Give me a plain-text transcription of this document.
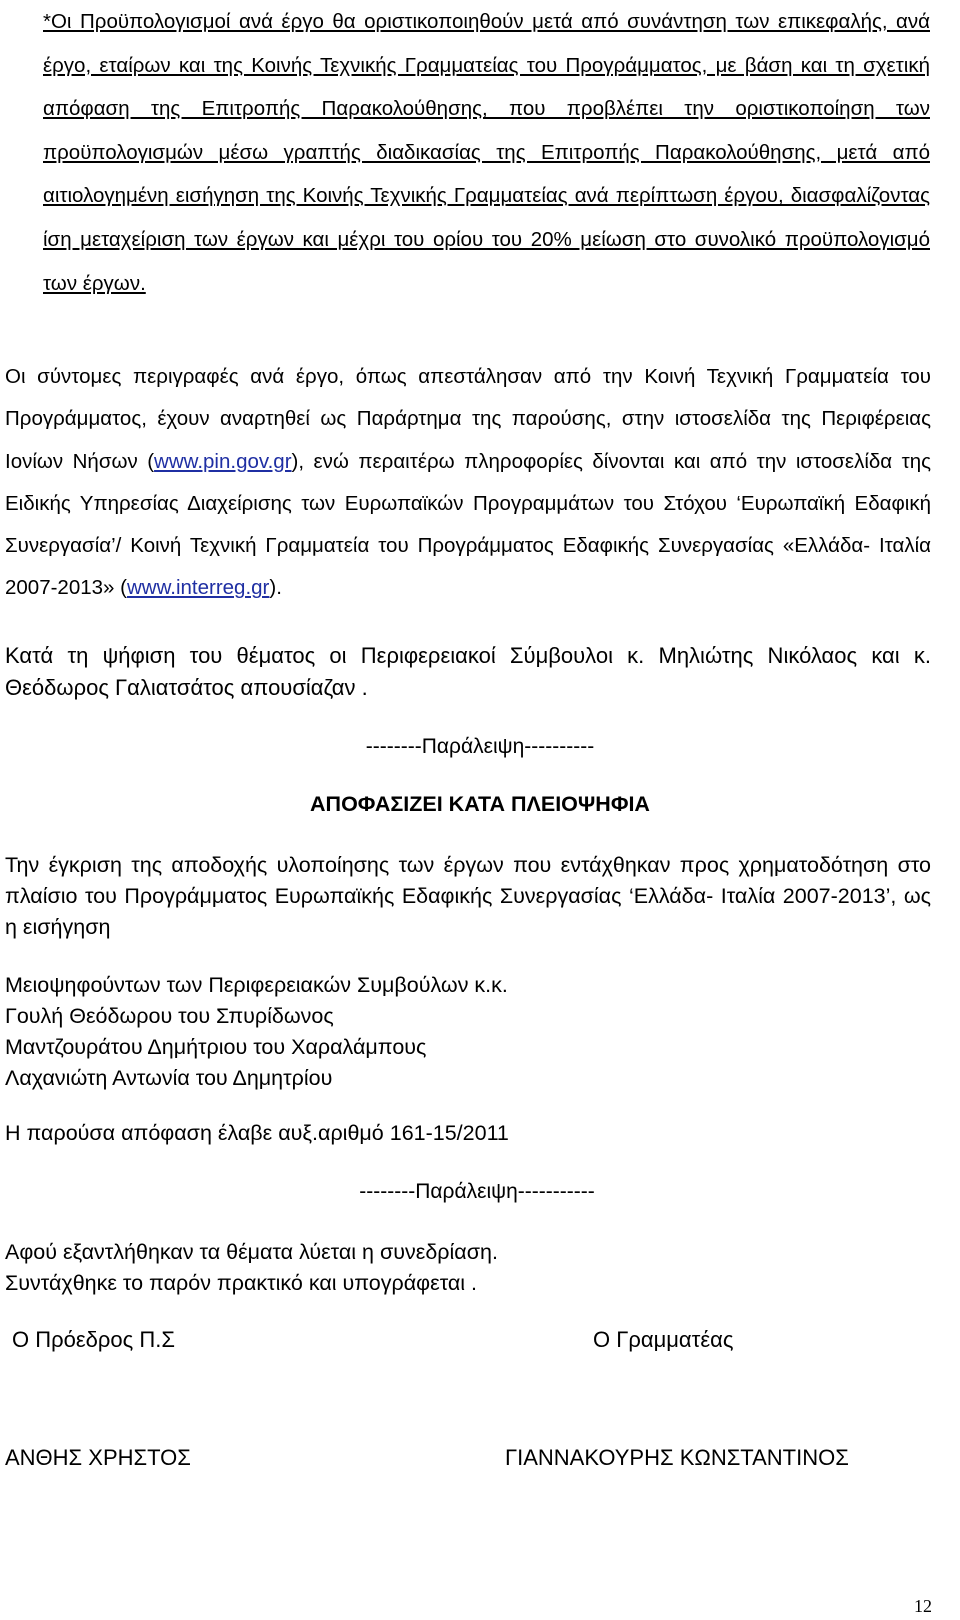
*Οι Προϋπολογισμοί ανά έργο θα οριστικοποιηθούν μετά από συνάντηση των επικεφαλής, ανά έργο, εταίρων και της Κοινής Τεχνικής Γραμματείας του Προγράμματος, με βάση και τη σχετική απόφαση της Επιτροπής Παρακολούθησης, που προβλέπει την οριστικοποίηση των προϋπολογισμών μέσω γραπτής διαδικασίας της Επιτροπής Παρακολούθησης, μετά από αιτιολογημένη εισήγηση της Κοινής Τεχνικής Γραμματείας ανά περίπτωση έργου, διασφαλίζοντας ίση μεταχείριση των έργων και μέχρι του ορίου του 20% μείωση στο συνολικό προϋπολογισμό των έργων.

Οι σύντομες περιγραφές ανά έργο, όπως απεστάλησαν από την Κοινή Τεχνική Γραμματεία του Προγράμματος, έχουν αναρτηθεί ως Παράρτημα της παρούσης, στην ιστοσελίδα της Περιφέρειας Ιονίων Νήσων (www.pin.gov.gr), ενώ περαιτέρω πληροφορίες δίνονται και από την ιστοσελίδα της Ειδικής Υπηρεσίας Διαχείρισης των Ευρωπαϊκών Προγραμμάτων του Στόχου ‘Ευρωπαϊκή Εδαφική Συνεργασία’/ Κοινή Τεχνική Γραμματεία του Προγράμματος Εδαφικής Συνεργασίας «Ελλάδα- Ιταλία 2007-2013» (www.interreg.gr).

Κατά τη ψήφιση του θέματος οι Περιφερειακοί Σύμβουλοι κ. Μηλιώτης Νικόλαος και κ. Θεόδωρος Γαλιατσάτος απουσίαζαν .

--------Παράλειψη----------
ΑΠΟΦΑΣΙΖΕΙ ΚΑΤΑ ΠΛΕΙΟΨΗΦΙΑ

Την έγκριση της αποδοχής υλοποίησης των έργων που εντάχθηκαν προς χρηματοδότηση στο πλαίσιο του Προγράμματος Ευρωπαϊκής Εδαφικής Συνεργασίας ‘Ελλάδα- Ιταλία 2007-2013’, ως η εισήγηση

Μειοψηφούντων των Περιφερειακών Συμβούλων κ.κ.
Γουλή Θεόδωρου του Σπυρίδωνος
Μαντζουράτου Δημήτριου του Χαραλάμπους
Λαχανιώτη Αντωνία του Δημητρίου
Η παρούσα απόφαση έλαβε αυξ.αριθμό 161-15/2011
--------Παράλειψη-----------
Αφού εξαντλήθηκαν τα θέματα λύεται η συνεδρίαση.
Συντάχθηκε το παρόν πρακτικό και υπογράφεται .
Ο Πρόεδρος Π.Σ	Ο Γραμματέας
ΑΝΘΗΣ ΧΡΗΣΤΟΣ	ΓΙΑΝΝΑΚΟΥΡΗΣ ΚΩΝΣΤΑΝΤΙΝΟΣ
12
